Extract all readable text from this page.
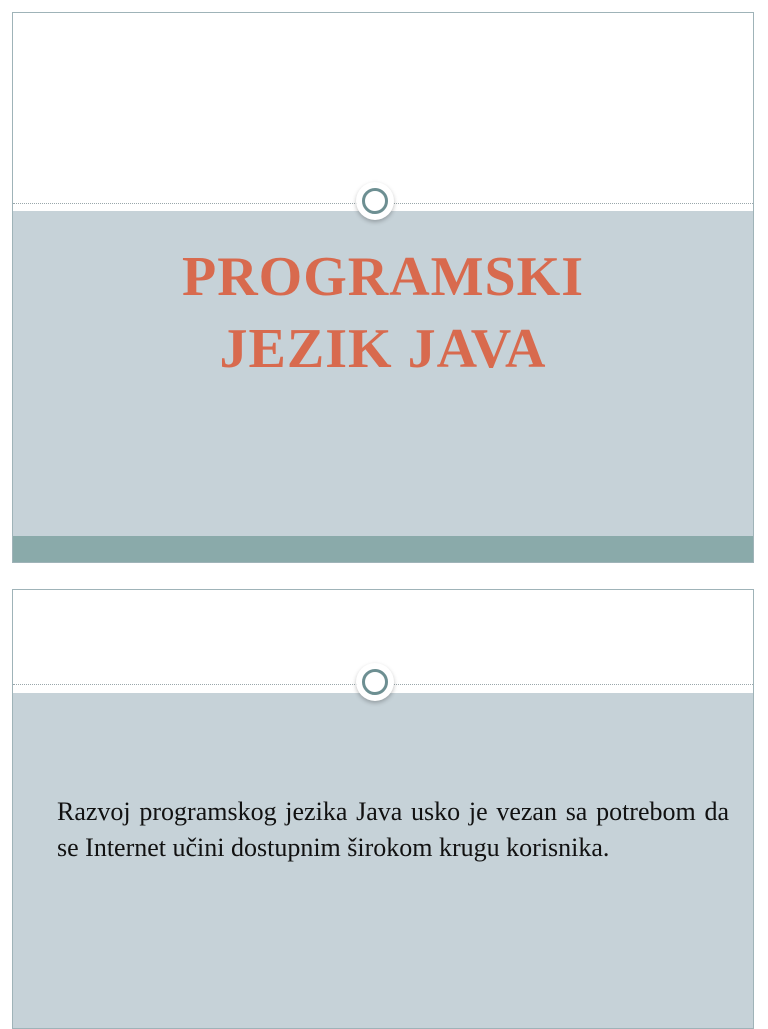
PROGRAMSKI
JEZIK JAVA

Razvoj programskog jezika Java usko je vezan sa potrebom da se Internet učini dostupnim širokom krugu korisnika.
